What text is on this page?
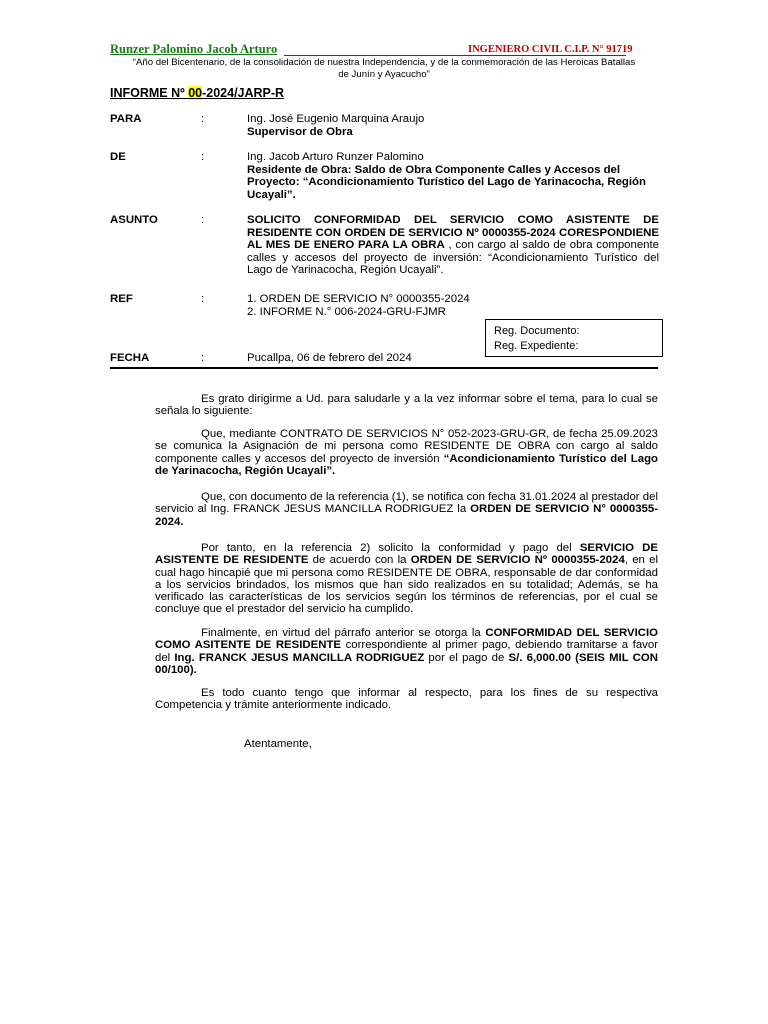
Runzer Palomino Jacob Arturo	INGENIERO CIVIL C.I.P. N° 91719
“Año del Bicentenario, de la consolidación de nuestra Independencia, y de la conmemoración de las Heroicas Batallas
de Junín y Ayacucho”
INFORME Nº 00-2024/JARP-R
PARA	:	Ing. José Eugenio Marquina Araujo
Supervisor de Obra
DE	:	Ing. Jacob Arturo Runzer Palomino
Residente de Obra: Saldo de Obra Componente Calles y Accesos del Proyecto: “Acondicionamiento Turístico del Lago de Yarinacocha, Región Ucayali”.
ASUNTO	:	SOLICITO CONFORMIDAD DEL SERVICIO COMO ASISTENTE DE RESIDENTE CON ORDEN DE SERVICIO Nº 0000355-2024 CORESPONDIENE AL MES DE ENERO PARA LA OBRA , con cargo al saldo de obra componente calles y accesos del proyecto de inversión: “Acondicionamiento Turístico del Lago de Yarinacocha, Región Ucayali”.
REF	:	1. ORDEN DE SERVICIO N° 0000355-2024
2. INFORME N.° 006-2024-GRU-FJMR
Reg. Documento:
Reg. Expediente:
FECHA	:	Pucallpa, 06 de febrero del 2024
Es grato dirigirme a Ud. para saludarle y a la vez informar sobre el tema, para lo cual se señala lo siguiente:
Que, mediante CONTRATO DE SERVICIOS N° 052-2023-GRU-GR, de fecha 25.09.2023 se comunica la Asignación de mi persona como RESIDENTE DE OBRA con cargo al saldo componente calles y accesos del proyecto de inversión “Acondicionamiento Turístico del Lago de Yarinacocha, Región Ucayali”.
Que, con documento de la referencia (1), se notifica con fecha 31.01.2024 al prestador del servicio al Ing. FRANCK JESUS MANCILLA RODRIGUEZ la ORDEN DE SERVICIO N° 0000355-2024.
Por tanto, en la referencia 2) solicito la conformidad y pago del SERVICIO DE ASISTENTE DE RESIDENTE de acuerdo con la ORDEN DE SERVICIO Nº 0000355-2024, en el cual hago hincapié que mi persona como RESIDENTE DE OBRA, responsable de dar conformidad a los servicios brindados, los mismos que han sido realizados en su totalidad; Además, se ha verificado las características de los servicios según los términos de referencias, por el cual se concluye que el prestador del servicio ha cumplido.
Finalmente, en virtud del párrafo anterior se otorga la CONFORMIDAD DEL SERVICIO COMO ASITENTE DE RESIDENTE correspondiente al primer pago, debiendo tramitarse a favor del Ing. FRANCK JESUS MANCILLA RODRIGUEZ por el pago de S/. 6,000.00 (SEIS MIL CON 00/100).
Es todo cuanto tengo que informar al respecto, para los fines de su respectiva Competencia y trámite anteriormente indicado.
Atentamente,
